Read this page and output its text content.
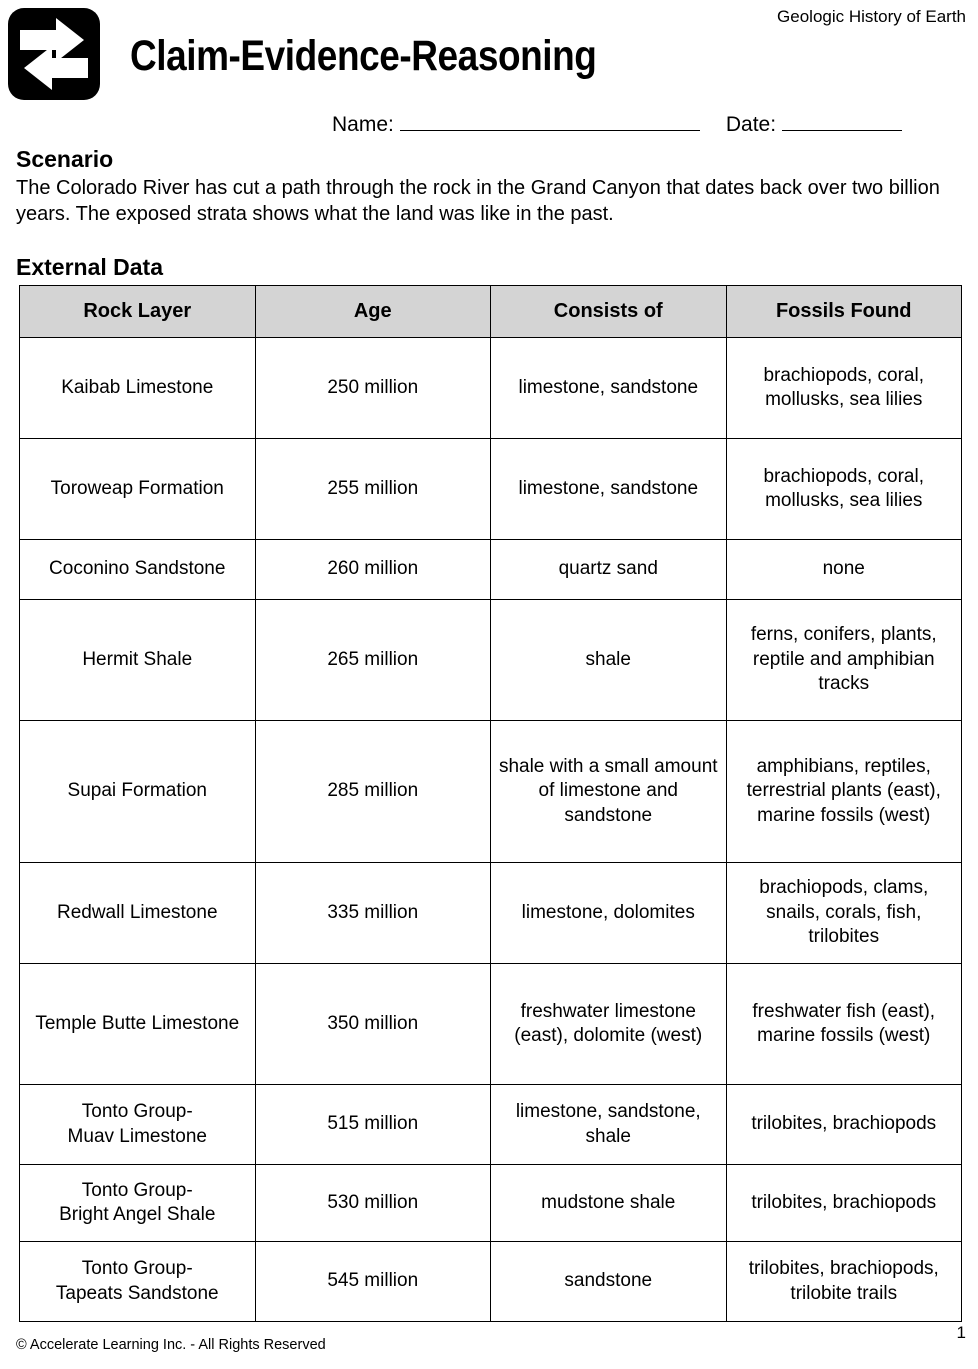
Geologic History of Earth
Claim-Evidence-Reasoning
Name:	Date:
Scenario
The Colorado River has cut a path through the rock in the Grand Canyon that dates back over two billion years. The exposed strata shows what the land was like in the past.
External Data
Rock Layer	Age	Consists of	Fossils Found
Kaibab Limestone	250 million	limestone, sandstone	brachiopods, coral, mollusks, sea lilies
Toroweap Formation	255 million	limestone, sandstone	brachiopods, coral, mollusks, sea lilies
Coconino Sandstone	260 million	quartz sand	none
Hermit Shale	265 million	shale	ferns, conifers, plants, reptile and amphibian tracks
Supai Formation	285 million	shale with a small amount of limestone and sandstone	amphibians, reptiles, terrestrial plants (east), marine fossils (west)
Redwall Limestone	335 million	limestone, dolomites	brachiopods, clams, snails, corals, fish, trilobites
Temple Butte Limestone	350 million	freshwater limestone (east), dolomite (west)	freshwater fish (east), marine fossils (west)
Tonto Group-
Muav Limestone	515 million	limestone, sandstone, shale	trilobites, brachiopods
Tonto Group-
Bright Angel Shale	530 million	mudstone shale	trilobites, brachiopods
Tonto Group-
Tapeats Sandstone	545 million	sandstone	trilobites, brachiopods, trilobite trails
© Accelerate Learning Inc. - All Rights Reserved
1
